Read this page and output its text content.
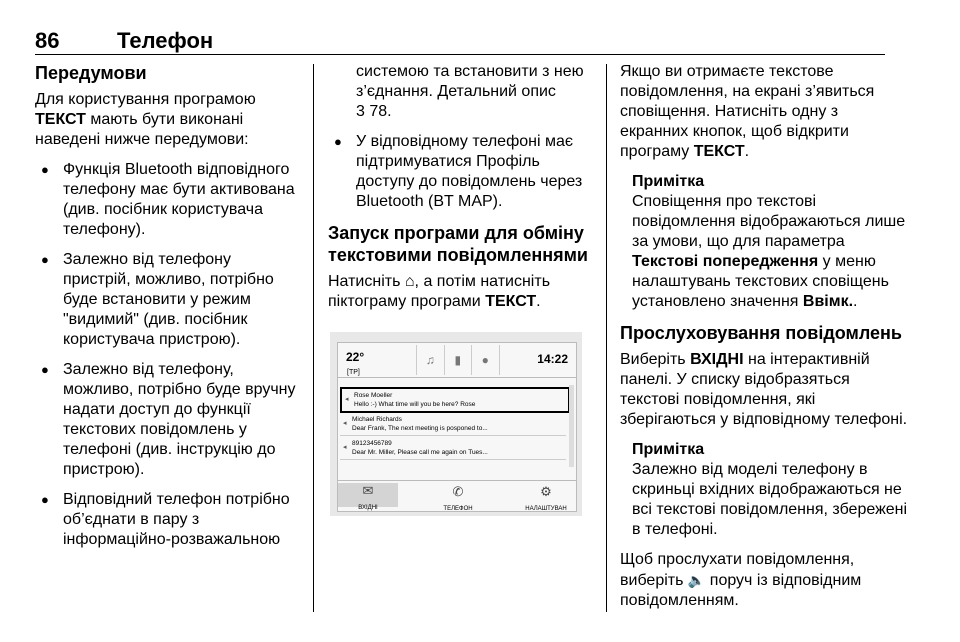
86	Телефон
Передумови

Для користування програмою ТЕКСТ мають бути виконані наведені нижче передумови:

● Функція Bluetooth відповідного телефону має бути активована (див. посібник користувача телефону).
● Залежно від телефону пристрій, можливо, потрібно буде встановити у режим "видимий" (див. посібник користувача пристрою).
● Залежно від телефону, можливо, потрібно буде вручну надати доступ до функції текстових повідомлень у телефоні (див. інструкцію до пристрою).
● Відповідний телефон потрібно об’єднати в пару з інформаційно-розважальною
системою та встановити з нею з’єднання. Детальний опис
3 78.
● У відповідному телефоні має підтримуватися Профіль доступу до повідомлень через Bluetooth (BT MAP).
Запуск програми для обміну текстовими повідомленнями

Натисніть ⌂, а потім натисніть піктограму програми ТЕКСТ.

22°
[TP]
♫	▮	●	14:22
◂
Rose Moeller
Hello :-) What time will you be here? Rose
◂
Michael Richards
Dear Frank, The next meeting is posponed to...
◂
89123456789
Dear Mr. Miller, Please call me again on Tues...
✉
ВХІДНІ
✆
ТЕЛЕФОН
⚙
НАЛАШТУВАН

Якщо ви отримаєте текстове повідомлення, на екрані з’явиться сповіщення. Натисніть одну з екранних кнопок, щоб відкрити програму ТЕКСТ.

Примітка
Сповіщення про текстові повідомлення відображаються лише за умови, що для параметра Текстові попередження у меню налаштувань текстових сповіщень установлено значення Ввімк..
Прослуховування повідомлень

Виберіть ВХІДНІ на інтерактивній панелі. У списку відобразяться текстові повідомлення, які зберігаються у відповідному телефоні.

Примітка
Залежно від моделі телефону в скриньці вхідних відображаються не всі текстові повідомлення, збережені в телефоні.

Щоб прослухати повідомлення, виберіть 🔈 поруч із відповідним повідомленням.
